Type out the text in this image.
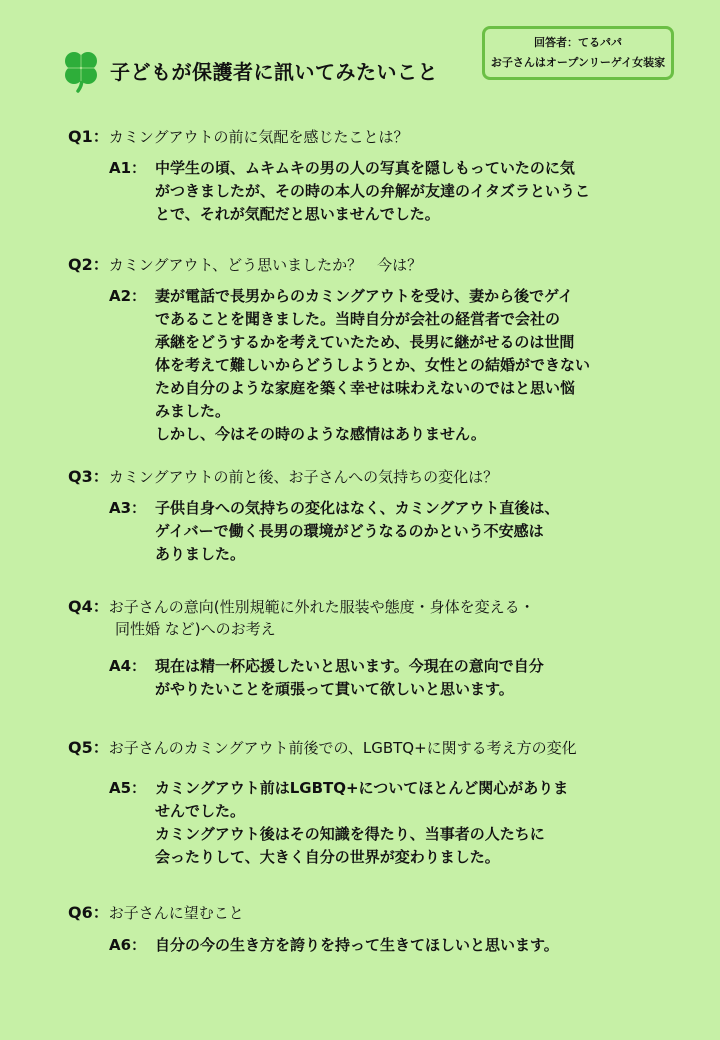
子どもが保護者に訊いてみたいこと
回答者：てるパパ
お子さんはオープンリーゲイ女装家
Q1：カミングアウトの前に気配を感じたことは？
A1： 中学生の頃、ムキムキの男の人の写真を隠しもっていたのに気
がつきましたが、その時の本人の弁解が友達のイタズラというこ
とで、それが気配だと思いませんでした。
Q2：カミングアウト、どう思いましたか？　今は？
A2： 妻が電話で長男からのカミングアウトを受け、妻から後でゲイ
であることを聞きました。当時自分が会社の経営者で会社の
承継をどうするかを考えていたため、長男に継がせるのは世間
体を考えて難しいからどうしようとか、女性との結婚ができない
ため自分のような家庭を築く幸せは味わえないのではと思い悩
みました。
しかし、今はその時のような感情はありません。
Q3：カミングアウトの前と後、お子さんへの気持ちの変化は？
A3： 子供自身への気持ちの変化はなく、カミングアウト直後は、
ゲイバーで働く長男の環境がどうなるのかという不安感は
ありました。
Q4：お子さんの意向(性別規範に外れた服装や態度・身体を変える・
同性婚 など)へのお考え
A4： 現在は精一杯応援したいと思います。今現在の意向で自分
がやりたいことを頑張って貫いて欲しいと思います。
Q5：お子さんのカミングアウト前後での、LGBTQ+に関する考え方の変化
A5： カミングアウト前はLGBTQ+についてほとんど関心がありま
せんでした。
カミングアウト後はその知識を得たり、当事者の人たちに
会ったりして、大きく自分の世界が変わりました。
Q6：お子さんに望むこと
A6： 自分の今の生き方を誇りを持って生きてほしいと思います。
